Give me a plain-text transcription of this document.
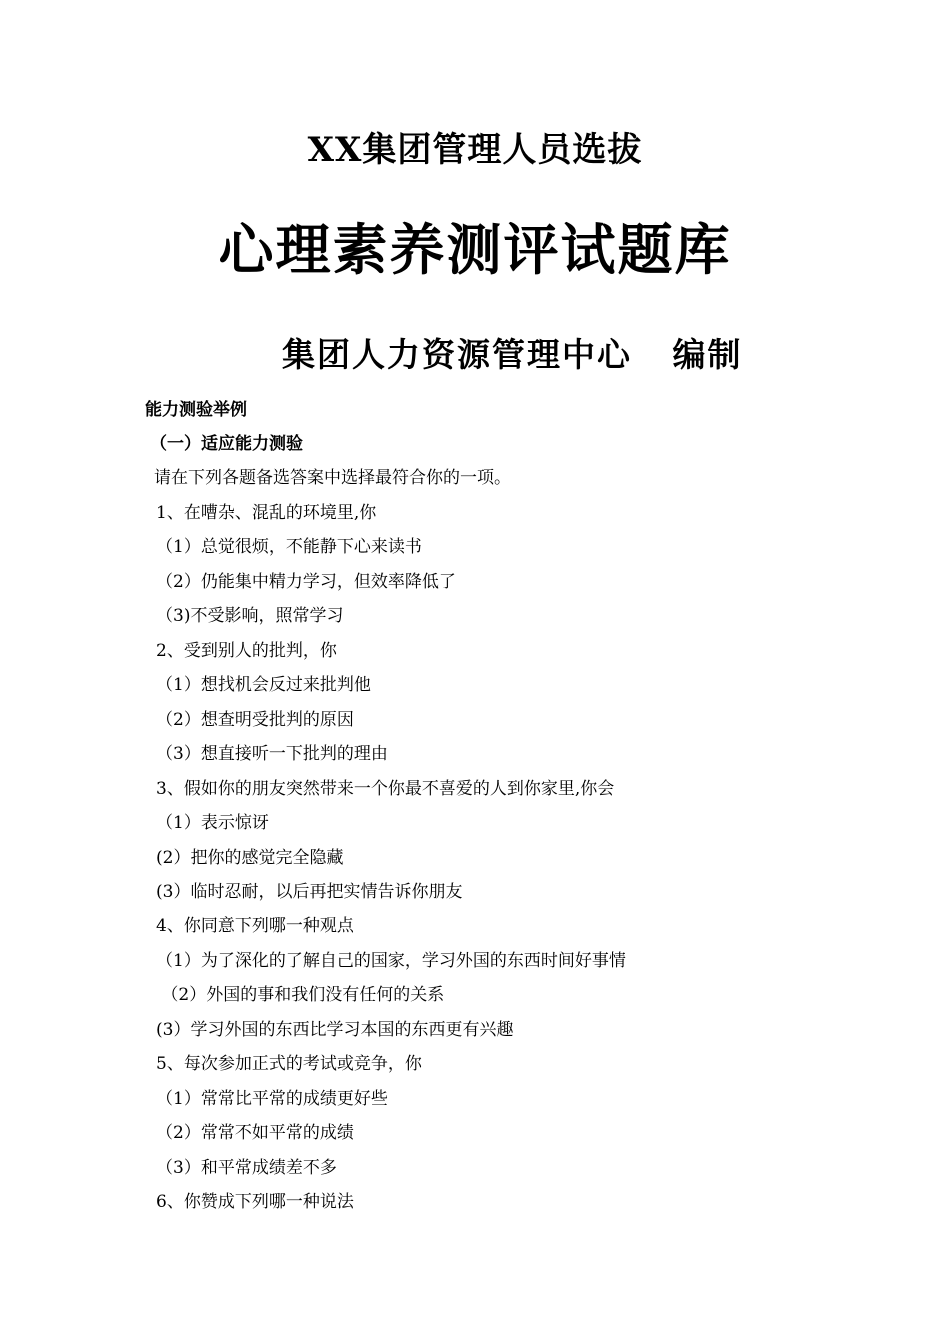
XX集团管理人员选拔
心理素养测评试题库
集团人力资源管理中心   编制
能力测验举例
（一）适应能力测验
请在下列各题备选答案中选择最符合你的一项。
1、在嘈杂、混乱的环境里,你
（1）总觉很烦，不能静下心来读书
（2）仍能集中精力学习，但效率降低了
（3)不受影响，照常学习
2、受到别人的批判，你
（1）想找机会反过来批判他
（2）想查明受批判的原因
（3）想直接听一下批判的理由
3、假如你的朋友突然带来一个你最不喜爱的人到你家里,你会
（1）表示惊讶
(2）把你的感觉完全隐藏
(3）临时忍耐，以后再把实情告诉你朋友
4、你同意下列哪一种观点
（1）为了深化的了解自己的国家，学习外国的东西时间好事情
（2）外国的事和我们没有任何的关系
(3）学习外国的东西比学习本国的东西更有兴趣
5、每次参加正式的考试或竞争，你
（1）常常比平常的成绩更好些
（2）常常不如平常的成绩
（3）和平常成绩差不多
6、你赞成下列哪一种说法
